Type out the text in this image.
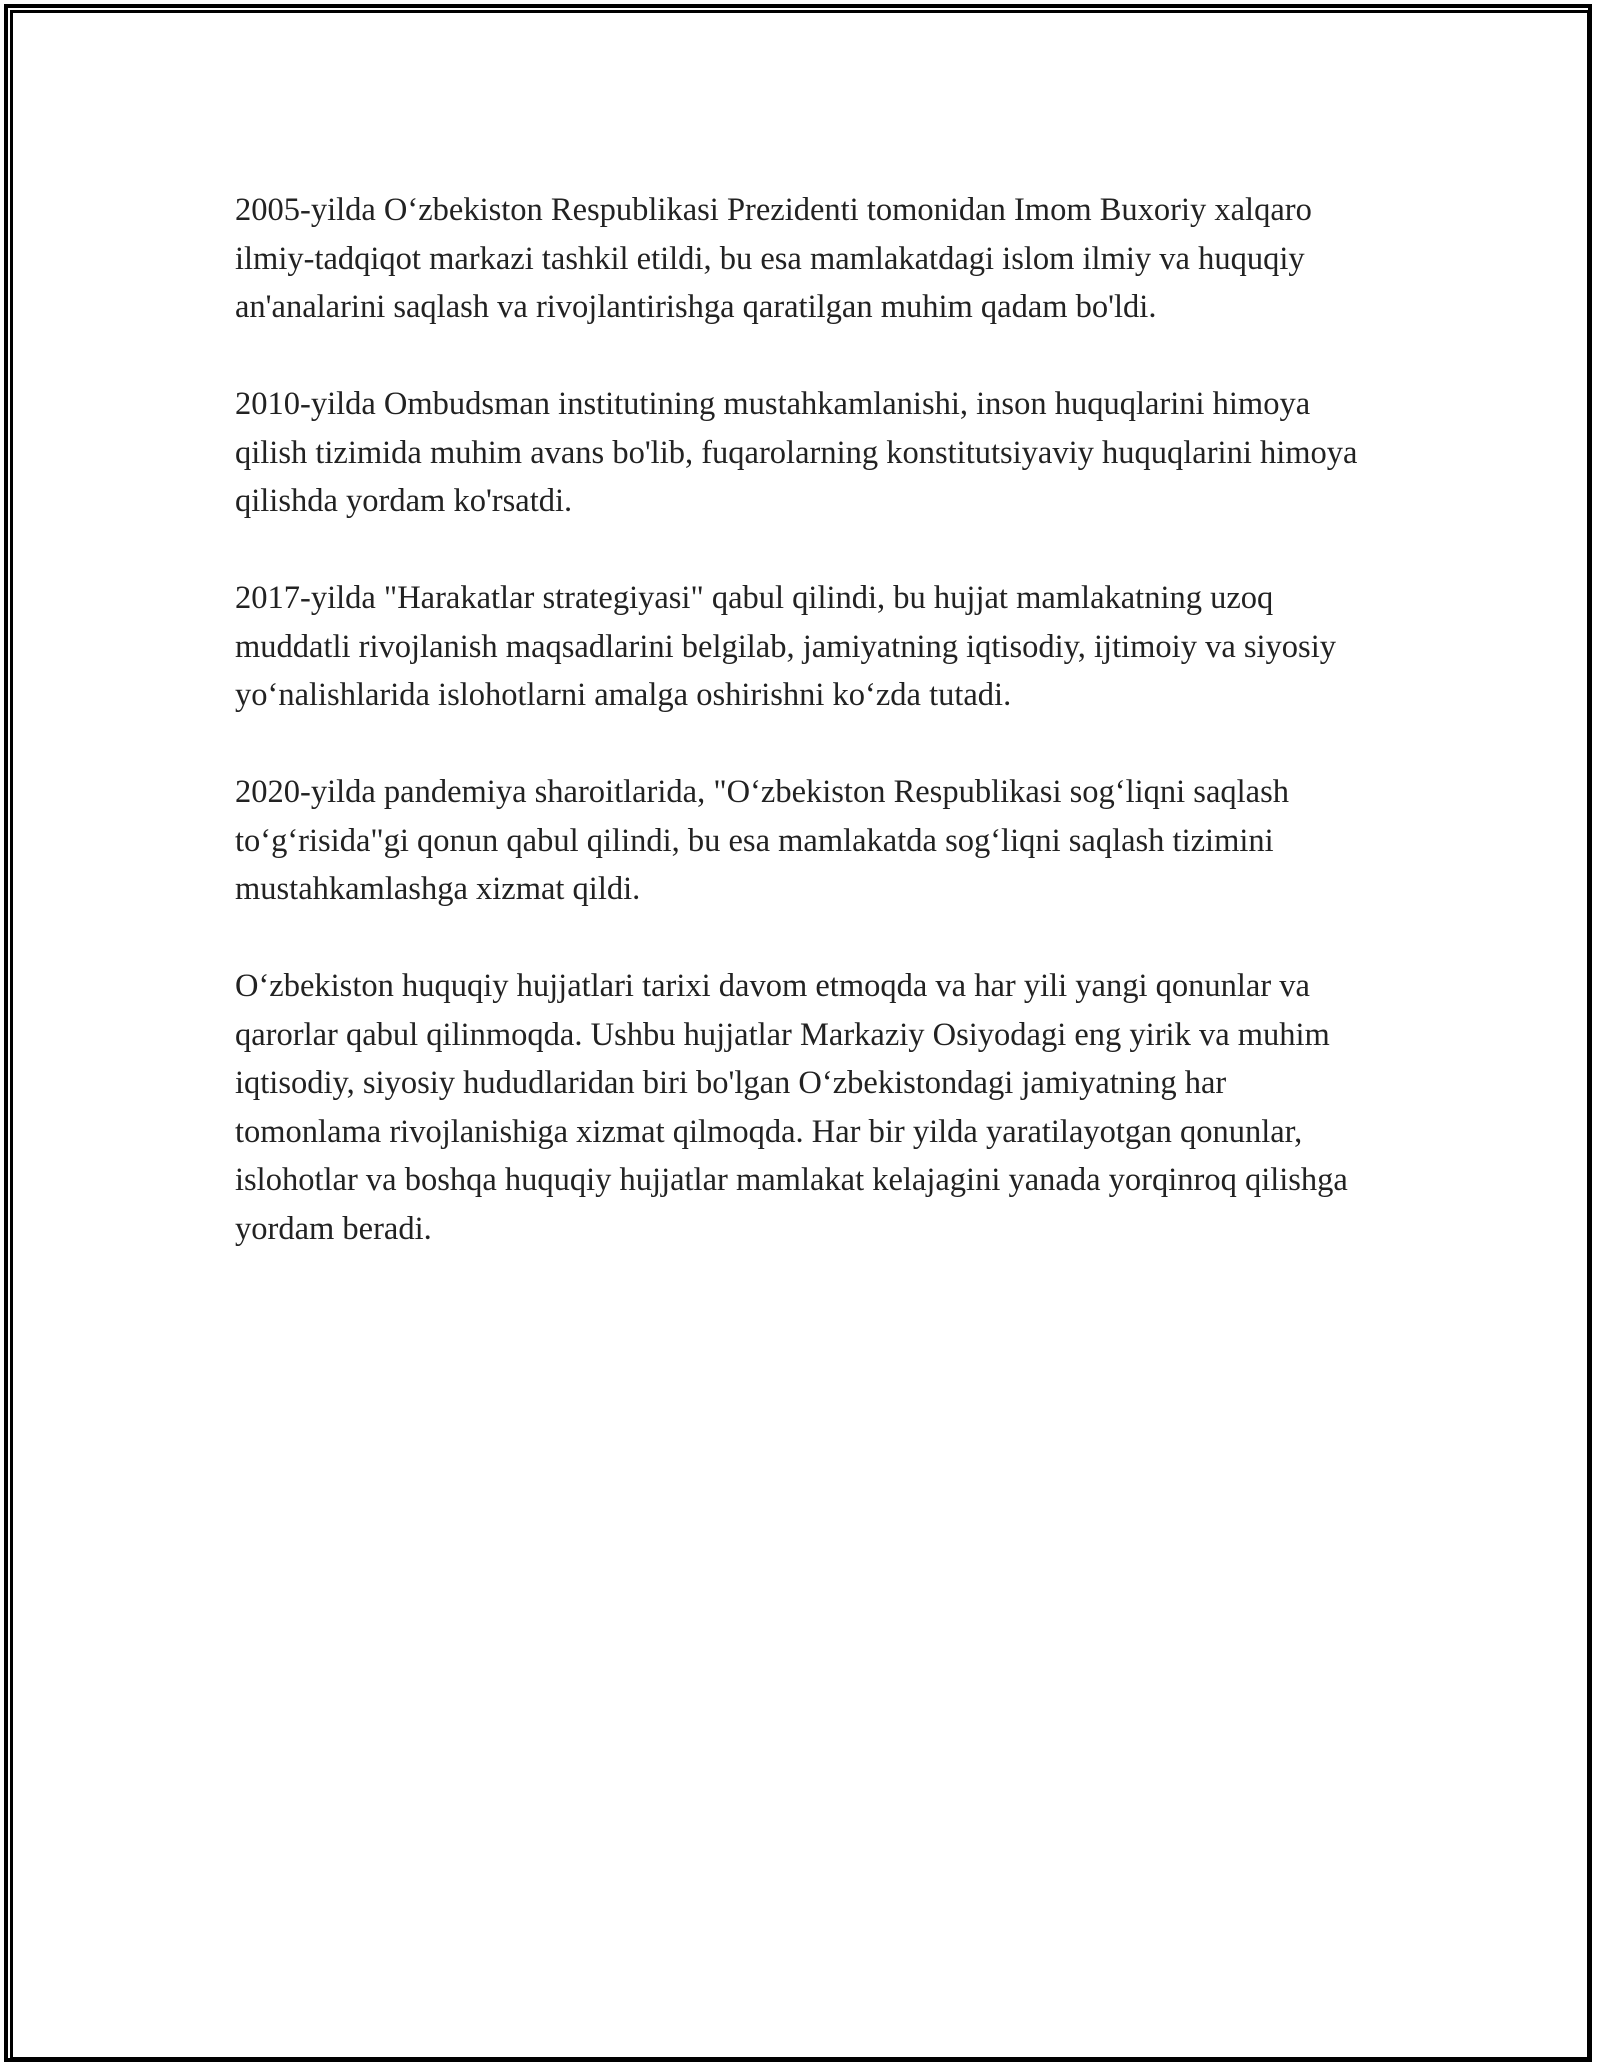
2005-yilda O‘zbekiston Respublikasi Prezidenti tomonidan Imom Buxoriy xalqaro ilmiy-tadqiqot markazi tashkil etildi, bu esa mamlakatdagi islom ilmiy va huquqiy an'analarini saqlash va rivojlantirishga qaratilgan muhim qadam bo'ldi.

2010-yilda Ombudsman institutining mustahkamlanishi, inson huquqlarini himoya qilish tizimida muhim avans bo'lib, fuqarolarning konstitutsiyaviy huquqlarini himoya qilishda yordam ko'rsatdi.

2017-yilda "Harakatlar strategiyasi" qabul qilindi, bu hujjat mamlakatning uzoq muddatli rivojlanish maqsadlarini belgilab, jamiyatning iqtisodiy, ijtimoiy va siyosiy yo‘nalishlarida islohotlarni amalga oshirishni ko‘zda tutadi.

2020-yilda pandemiya sharoitlarida, "O‘zbekiston Respublikasi sog‘liqni saqlash to‘g‘risida"gi qonun qabul qilindi, bu esa mamlakatda sog‘liqni saqlash tizimini mustahkamlashga xizmat qildi.

O‘zbekiston huquqiy hujjatlari tarixi davom etmoqda va har yili yangi qonunlar va qarorlar qabul qilinmoqda. Ushbu hujjatlar Markaziy Osiyodagi eng yirik va muhim iqtisodiy, siyosiy hududlaridan biri bo'lgan O‘zbekistondagi jamiyatning har tomonlama rivojlanishiga xizmat qilmoqda. Har bir yilda yaratilayotgan qonunlar, islohotlar va boshqa huquqiy hujjatlar mamlakat kelajagini yanada yorqinroq qilishga yordam beradi.
